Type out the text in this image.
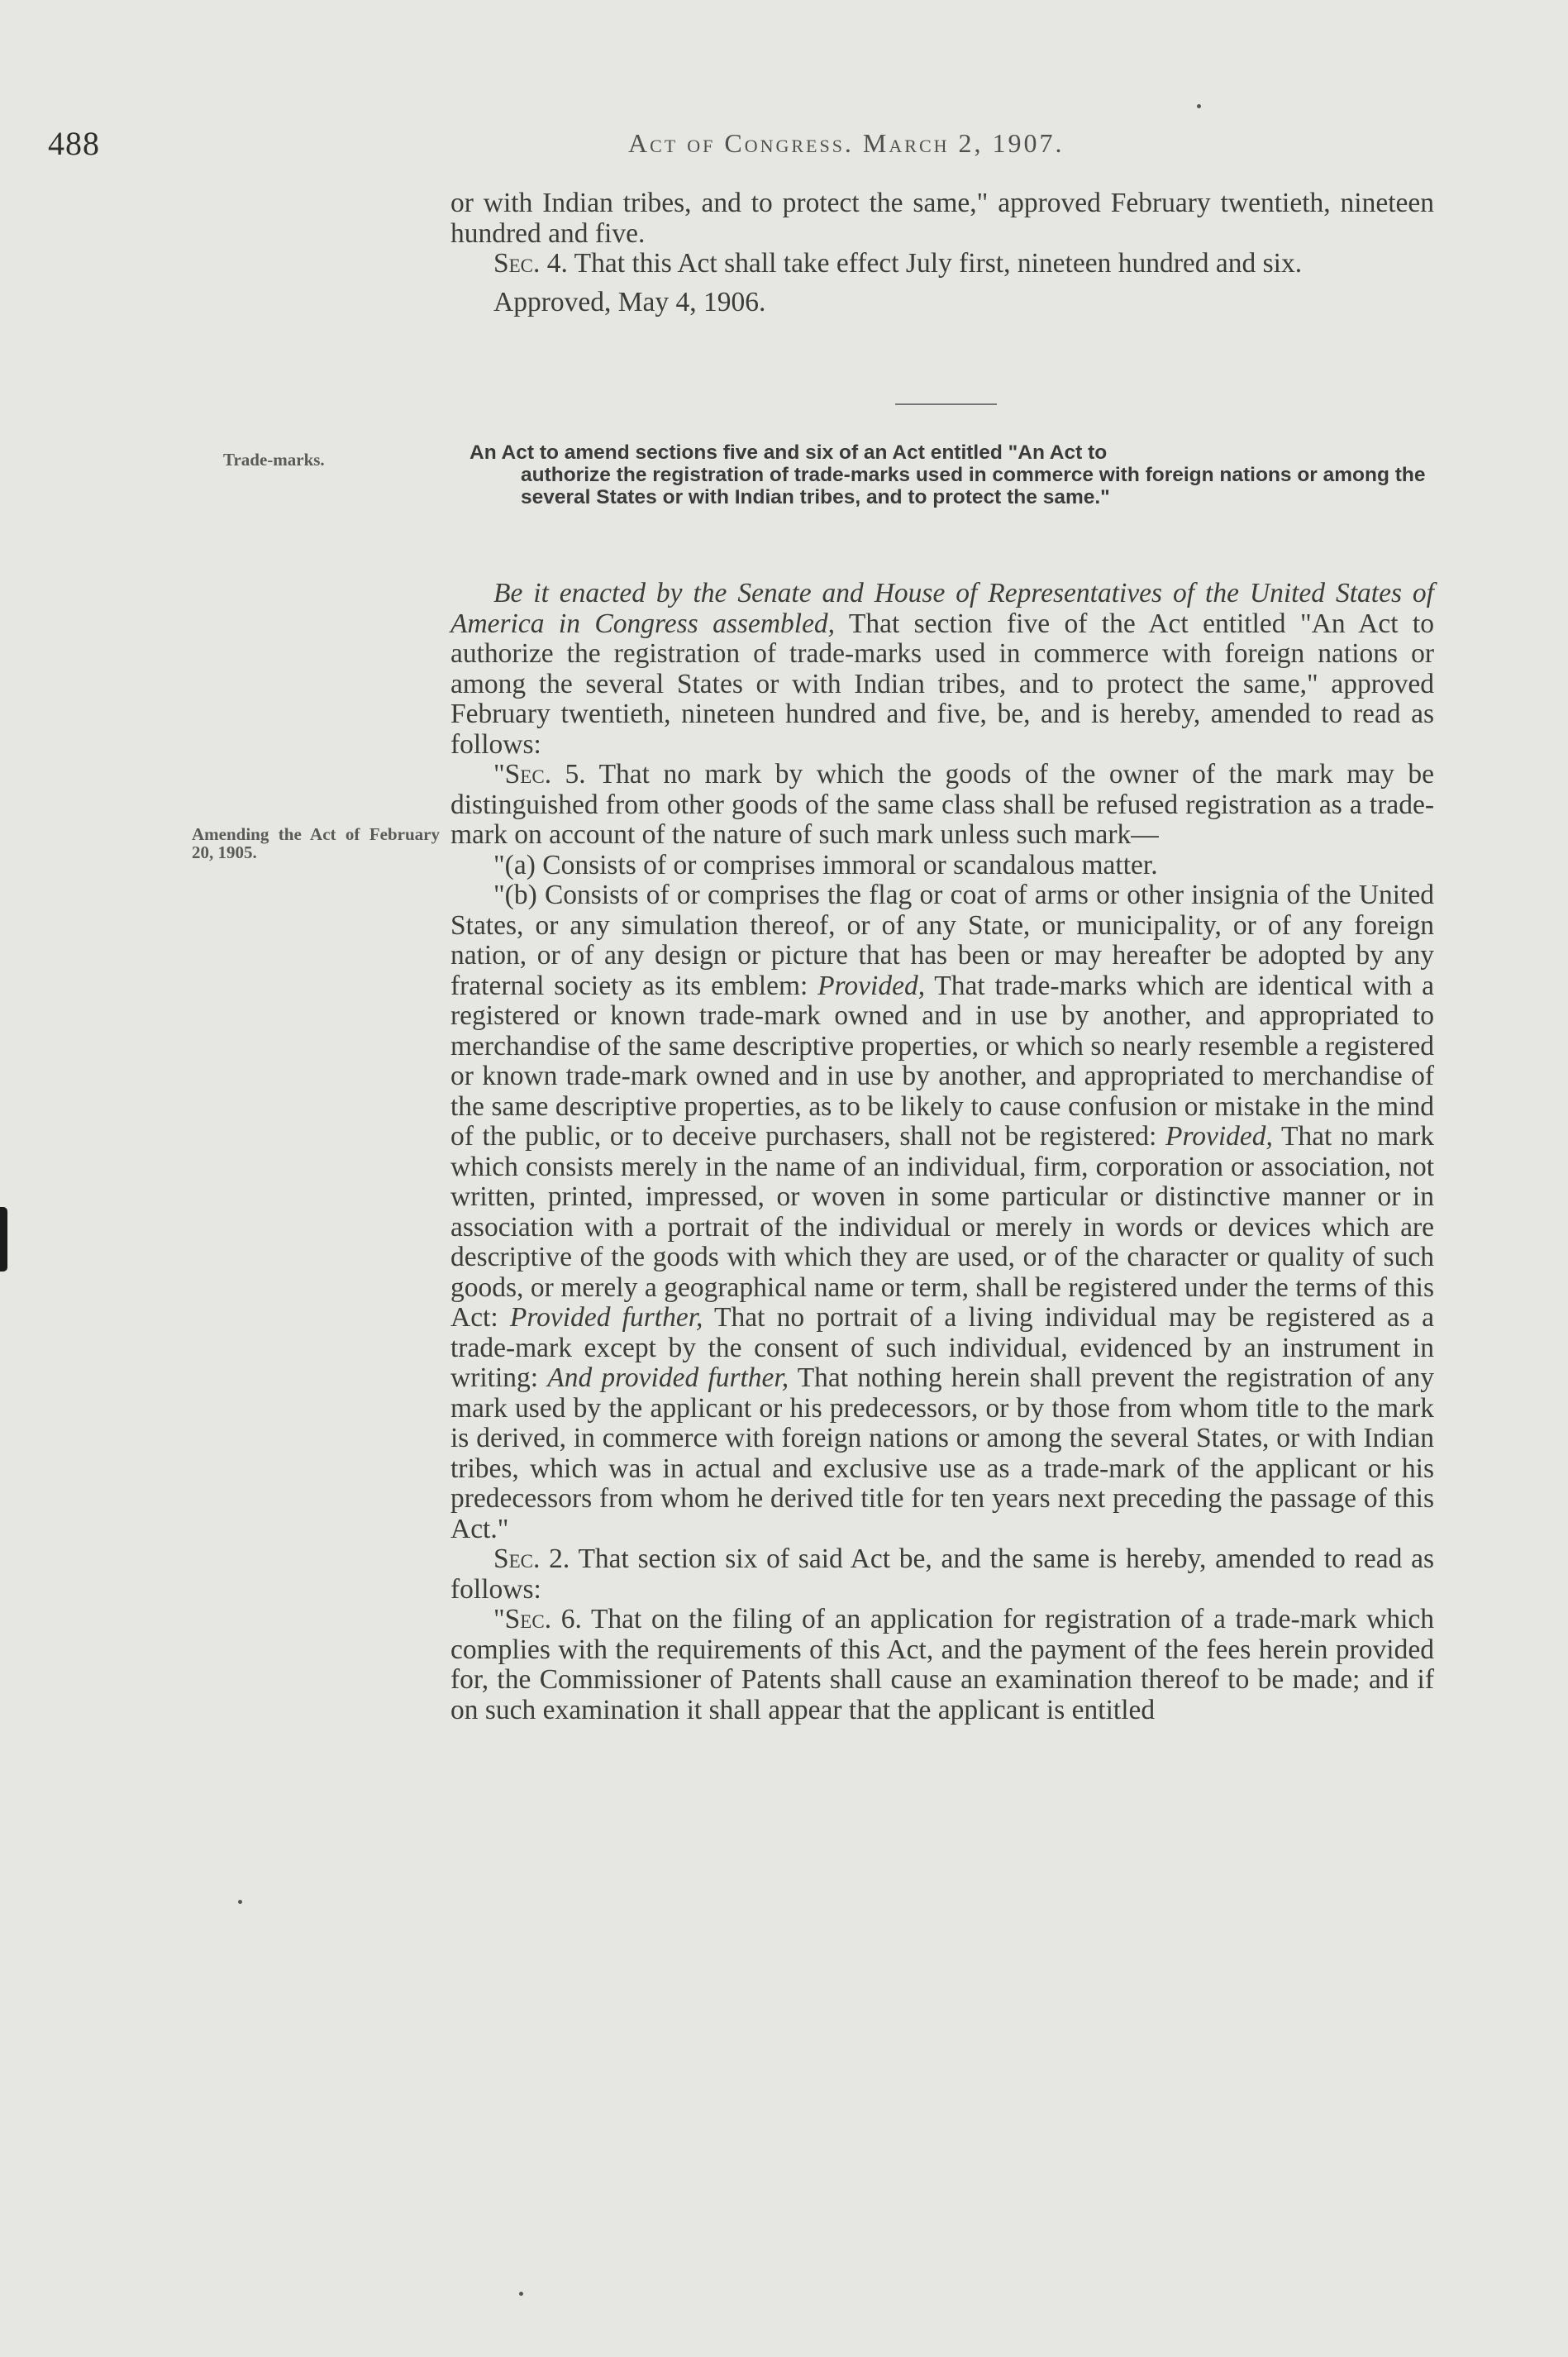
488	Act of Congress. March 2, 1907.

or with Indian tribes, and to protect the same," approved February twentieth, nineteen hundred and five.

Sec. 4. That this Act shall take effect July first, nineteen hundred and six.

Approved, May 4, 1906.

Trade-marks.	An Act to amend sections five and six of an Act entitled "An Act to
authorize the registration of trade-marks used in commerce with foreign nations or among the several States or with Indian tribes, and to protect the same."
Amending the Act of February 20, 1905.

Be it enacted by the Senate and House of Representatives of the United States of America in Congress assembled, That section five of the Act entitled "An Act to authorize the registration of trade-marks used in commerce with foreign nations or among the several States or with Indian tribes, and to protect the same," approved February twentieth, nineteen hundred and five, be, and is hereby, amended to read as follows:

"Sec. 5. That no mark by which the goods of the owner of the mark may be distinguished from other goods of the same class shall be refused registration as a trade-mark on account of the nature of such mark unless such mark—

"(a) Consists of or comprises immoral or scandalous matter.

"(b) Consists of or comprises the flag or coat of arms or other insignia of the United States, or any simulation thereof, or of any State, or municipality, or of any foreign nation, or of any design or picture that has been or may hereafter be adopted by any fraternal society as its emblem: Provided, That trade-marks which are identical with a registered or known trade-mark owned and in use by another, and appropriated to merchandise of the same descriptive properties, or which so nearly resemble a registered or known trade-mark owned and in use by another, and appropriated to merchandise of the same descriptive properties, as to be likely to cause confusion or mistake in the mind of the public, or to deceive purchasers, shall not be registered: Provided, That no mark which consists merely in the name of an individual, firm, corporation or association, not written, printed, impressed, or woven in some particular or distinctive manner or in association with a portrait of the individual or merely in words or devices which are descriptive of the goods with which they are used, or of the character or quality of such goods, or merely a geographical name or term, shall be registered under the terms of this Act: Provided further, That no portrait of a living individual may be registered as a trade-mark except by the consent of such individual, evidenced by an instrument in writing: And provided further, That nothing herein shall prevent the registration of any mark used by the applicant or his predecessors, or by those from whom title to the mark is derived, in commerce with foreign nations or among the several States, or with Indian tribes, which was in actual and exclusive use as a trade-mark of the applicant or his predecessors from whom he derived title for ten years next preceding the passage of this Act."

Sec. 2. That section six of said Act be, and the same is hereby, amended to read as follows:

"Sec. 6. That on the filing of an application for registration of a trade-mark which complies with the requirements of this Act, and the payment of the fees herein provided for, the Commissioner of Patents shall cause an examination thereof to be made; and if on such examination it shall appear that the applicant is entitled
